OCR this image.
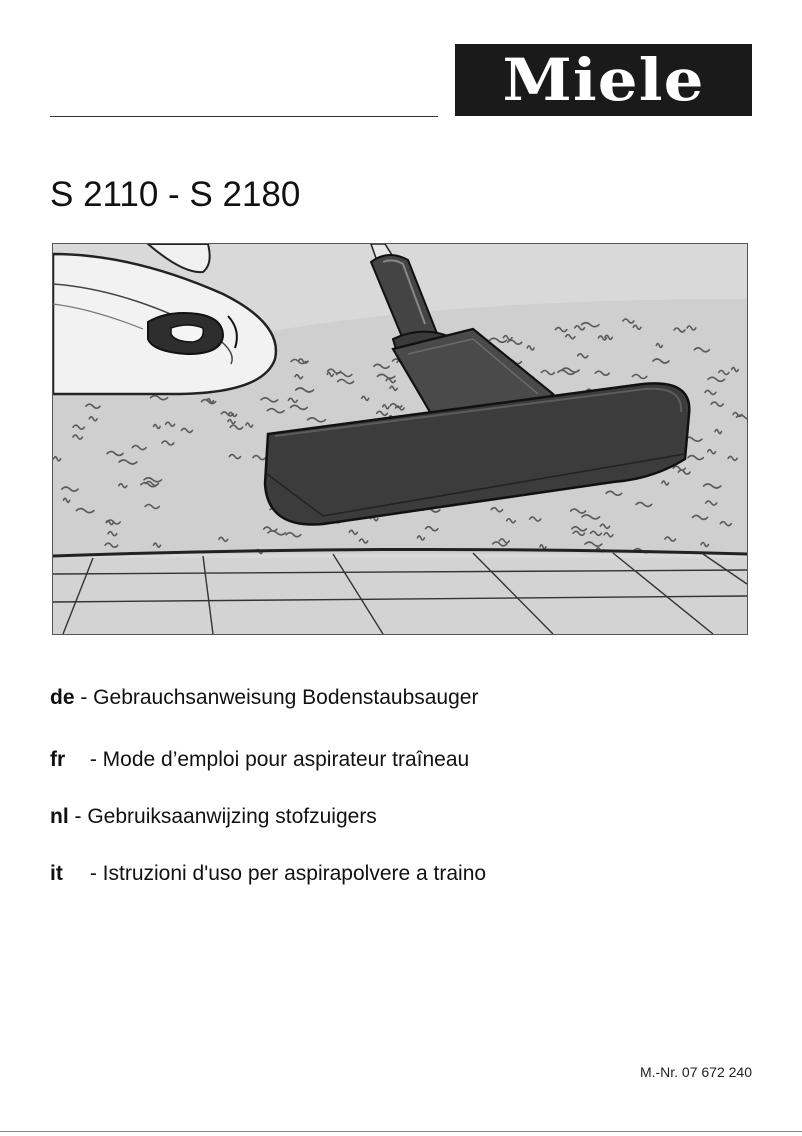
Miele
S 2110 - S 2180
de - Gebrauchsanweisung Bodenstaubsauger
fr - Mode d’emploi pour aspirateur traîneau
nl - Gebruiksaanwijzing stofzuigers
it - Istruzioni d'uso per aspirapolvere a traino
M.-Nr. 07 672 240
